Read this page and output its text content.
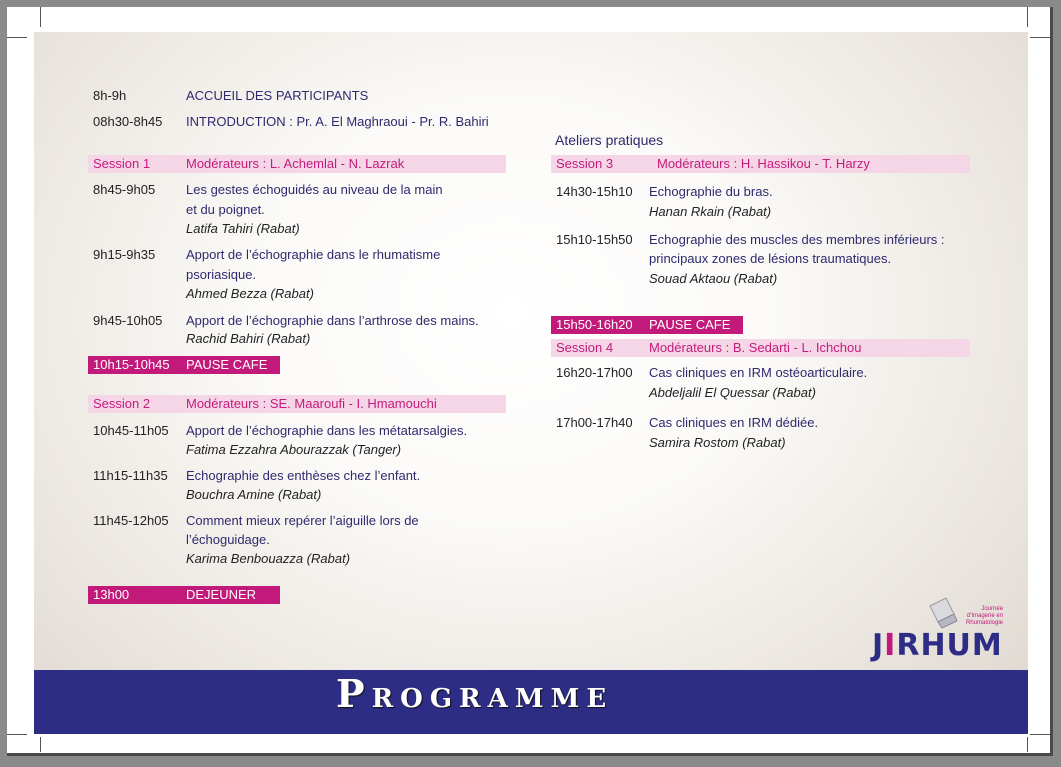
8h-9h	ACCUEIL DES PARTICIPANTS
08h30-8h45 INTRODUCTION : Pr. A. El Maghraoui - Pr. R. Bahiri
Session 1	Modérateurs : L. Achemlal - N. Lazrak
8h45-9h05 Les gestes échoguidés au niveau de la main
et du poignet.
Latifa Tahiri (Rabat)
9h15-9h35 Apport de l’échographie dans le rhumatisme
psoriasique.
Ahmed Bezza (Rabat)
9h45-10h05 Apport de l’échographie dans l’arthrose des mains.
Rachid Bahiri (Rabat)
10h15-10h45 PAUSE CAFE
Session 2	Modérateurs : SE. Maaroufi - I. Hmamouchi
10h45-11h05 Apport de l’échographie dans les métatarsalgies.
Fatima Ezzahra Abourazzak (Tanger)
11h15-11h35 Echographie des enthèses chez l’enfant.
Bouchra Amine (Rabat)
11h45-12h05 Comment mieux repérer l’aiguille lors de
l’échoguidage.
Karima Benbouazza (Rabat)
13h00	DEJEUNER
Ateliers pratiques
Session 3	Modérateurs : H. Hassikou - T. Harzy
14h30-15h10 Echographie du bras.
Hanan Rkain (Rabat)
15h10-15h50 Echographie des muscles des membres inférieurs :
principaux zones de lésions traumatiques.
Souad Aktaou (Rabat)
15h50-16h20 PAUSE CAFE
Session 4	Modérateurs : B. Sedarti - L. Ichchou
16h20-17h00 Cas cliniques en IRM ostéoarticulaire.
Abdeljalil El Quessar (Rabat)
17h00-17h40 Cas cliniques en IRM dédiée.
Samira Rostom (Rabat)
Journée
d'Imagerie en
Rhumatologie
JIRHUM
PROGRAMME
